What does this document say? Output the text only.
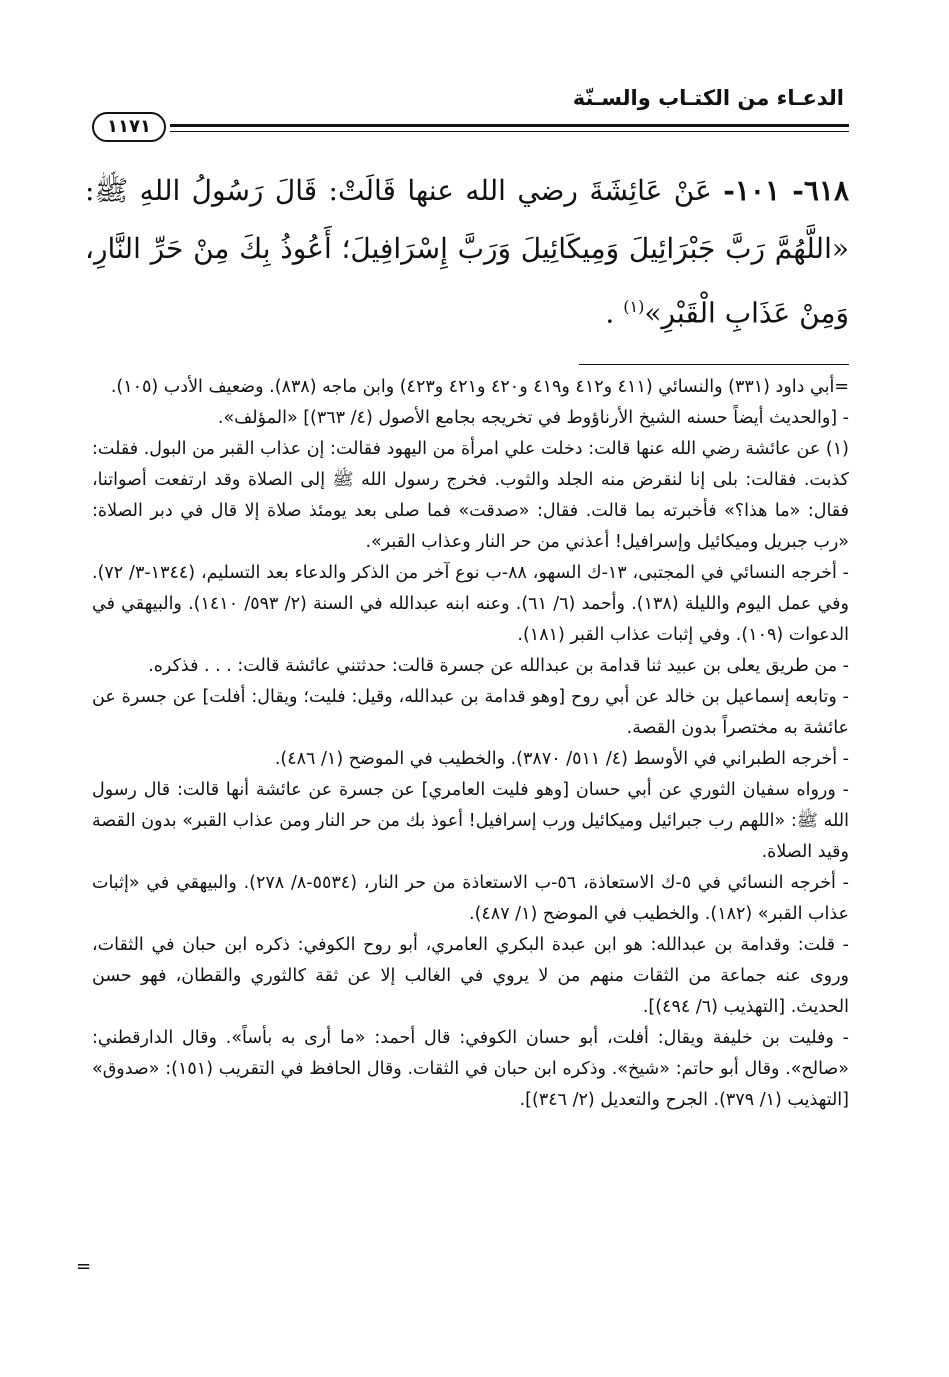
الدعـاء من الكتـاب والسـنّة
١١٧١
٦١٨- ١٠١- عَنْ عَائِشَةَ رضي الله عنها قَالَتْ: قَالَ رَسُولُ اللهِ ﷺ: «اللَّهُمَّ رَبَّ جَبْرَائِيلَ وَمِيكَائِيلَ وَرَبَّ إِسْرَافِيلَ؛ أَعُوذُ بِكَ مِنْ حَرِّ النَّارِ، وَمِنْ عَذَابِ الْقَبْرِ»$^{(١)}$ .

=أبي داود (٣٣١) والنسائي (٤١١ و٤١٢ و٤١٩ و٤٢٠ و٤٢١ و٤٢٣) وابن ماجه (٨٣٨). وضعيف الأدب (١٠٥).

- [والحديث أيضاً حسنه الشيخ الأرناؤوط في تخريجه بجامع الأصول (٤/ ٣٦٣)] «المؤلف».

(١) عن عائشة رضي الله عنها قالت: دخلت علي امرأة من اليهود فقالت: إن عذاب القبر من البول. فقلت: كذبت. فقالت: بلى إنا لنقرض منه الجلد والثوب. فخرج رسول الله ﷺ إلى الصلاة وقد ارتفعت أصواتنا، فقال: «ما هذا؟» فأخبرته بما قالت. فقال: «صدقت» فما صلى بعد يومئذ صلاة إلا قال في دبر الصلاة: «رب جبريل وميكائيل وإسرافيل! أعذني من حر النار وعذاب القبر».

- أخرجه النسائي في المجتبى، ١٣-ك السهو، ٨٨-ب نوع آخر من الذكر والدعاء بعد التسليم، (١٣٤٤-٣/ ٧٢). وفي عمل اليوم والليلة (١٣٨). وأحمد (٦/ ٦١). وعنه ابنه عبدالله في السنة (٢/ ٥٩٣/ ١٤١٠). والبيهقي في الدعوات (١٠٩). وفي إثبات عذاب القبر (١٨١).

- من طريق يعلى بن عبيد ثنا قدامة بن عبدالله عن جسرة قالت: حدثتني عائشة قالت: . . . فذكره.

- وتابعه إسماعيل بن خالد عن أبي روح [وهو قدامة بن عبدالله، وقيل: فليت؛ ويقال: أفلت] عن جسرة عن عائشة به مختصراً بدون القصة.

- أخرجه الطبراني في الأوسط (٤/ ٥١١/ ٣٨٧٠). والخطيب في الموضح (١/ ٤٨٦).

- ورواه سفيان الثوري عن أبي حسان [وهو فليت العامري] عن جسرة عن عائشة أنها قالت: قال رسول الله ﷺ: «اللهم رب جبرائيل وميكائيل ورب إسرافيل! أعوذ بك من حر النار ومن عذاب القبر» بدون القصة وقيد الصلاة.

- أخرجه النسائي في ٥-ك الاستعاذة، ٥٦-ب الاستعاذة من حر النار، (٥٥٣٤-٨/ ٢٧٨). والبيهقي في «إثبات عذاب القبر» (١٨٢). والخطيب في الموضح (١/ ٤٨٧).

- قلت: وقدامة بن عبدالله: هو ابن عبدة البكري العامري، أبو روح الكوفي: ذكره ابن حبان في الثقات، وروى عنه جماعة من الثقات منهم من لا يروي في الغالب إلا عن ثقة كالثوري والقطان، فهو حسن الحديث. [التهذيب (٦/ ٤٩٤)].

- وفليت بن خليفة ويقال: أفلت، أبو حسان الكوفي: قال أحمد: «ما أرى به بأساً». وقال الدارقطني: «صالح». وقال أبو حاتم: «شيخ». وذكره ابن حبان في الثقات. وقال الحافظ في التقريب (١٥١): «صدوق» [التهذيب (١/ ٣٧٩). الجرح والتعديل (٢/ ٣٤٦)].

=
